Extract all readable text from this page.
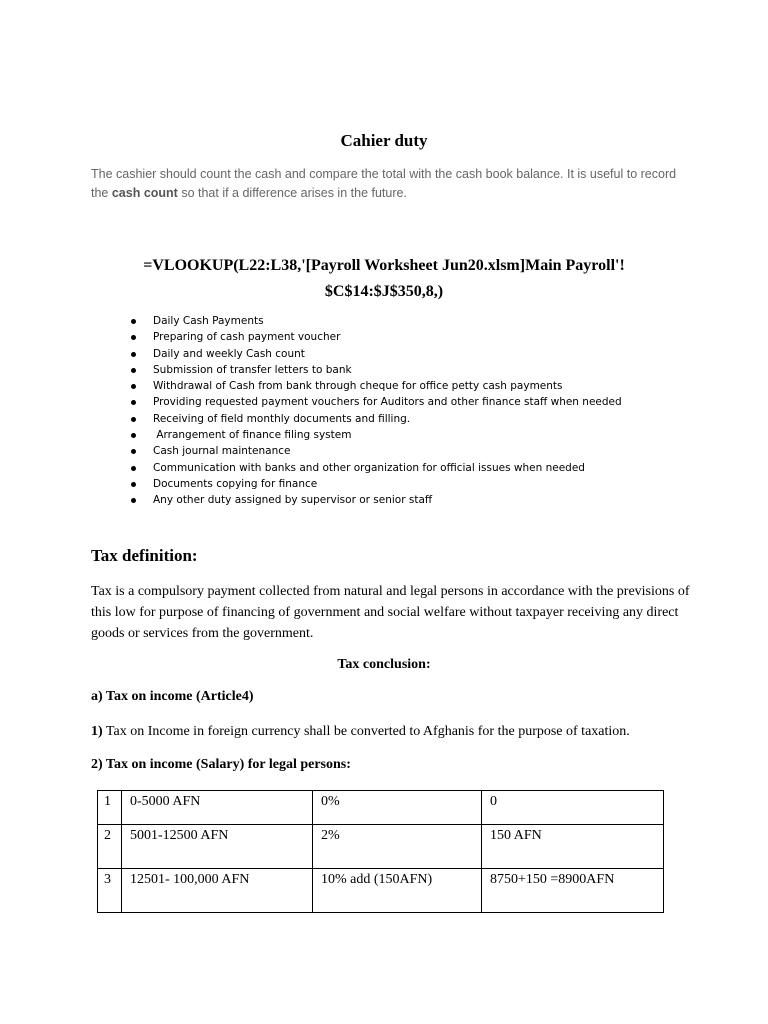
Cahier duty
The cashier should count the cash and compare the total with the cash book balance. It is useful to record the cash count so that if a difference arises in the future.
=VLOOKUP(L22:L38,'[Payroll Worksheet Jun20.xlsm]Main Payroll'!
$C$14:$J$350,8,)
Daily Cash Payments
Preparing of cash payment voucher
Daily and weekly Cash count
Submission of transfer letters to bank
Withdrawal of Cash from bank through cheque for office petty cash payments
Providing requested payment vouchers for Auditors and other finance staff when needed
Receiving of field monthly documents and filling.
Arrangement of finance filing system
Cash journal maintenance
Communication with banks and other organization for official issues when needed
Documents copying for finance
Any other duty assigned by supervisor or senior staff
Tax definition:
Tax is a compulsory payment collected from natural and legal persons in accordance with the previsions of this low for purpose of financing of government and social welfare without taxpayer receiving any direct goods or services from the government.
Tax conclusion:
a) Tax on income (Article4)
1) Tax on Income in foreign currency shall be converted to Afghanis for the purpose of taxation.
2) Tax on income (Salary) for legal persons:
1	0-5000 AFN	0%	0
2	5001-12500 AFN	2%	150 AFN
3	12501- 100,000 AFN	10% add (150AFN)	8750+150 =8900AFN
